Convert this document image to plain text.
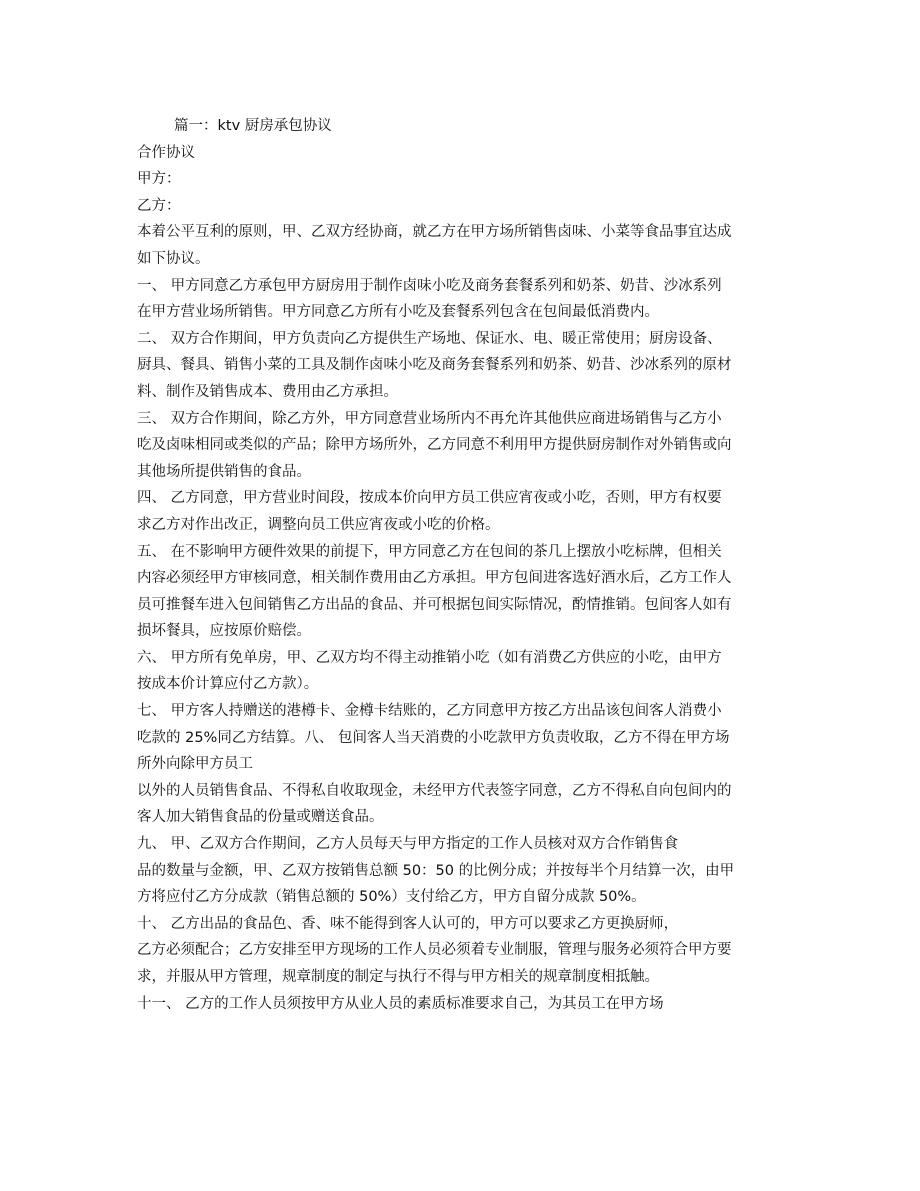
篇一：ktv 厨房承包协议
合作协议
甲方：
乙方：
本着公平互利的原则，甲、乙双方经协商，就乙方在甲方场所销售卤味、小菜等食品事宜达成
如下协议。
一、 甲方同意乙方承包甲方厨房用于制作卤味小吃及商务套餐系列和奶茶、奶昔、沙冰系列
在甲方营业场所销售。甲方同意乙方所有小吃及套餐系列包含在包间最低消费内。
二、 双方合作期间，甲方负责向乙方提供生产场地、保证水、电、暖正常使用；厨房设备、
厨具、餐具、销售小菜的工具及制作卤味小吃及商务套餐系列和奶茶、奶昔、沙冰系列的原材
料、制作及销售成本、费用由乙方承担。
三、 双方合作期间，除乙方外，甲方同意营业场所内不再允许其他供应商进场销售与乙方小
吃及卤味相同或类似的产品；除甲方场所外，乙方同意不利用甲方提供厨房制作对外销售或向
其他场所提供销售的食品。
四、 乙方同意，甲方营业时间段，按成本价向甲方员工供应宵夜或小吃，否则，甲方有权要
求乙方对作出改正，调整向员工供应宵夜或小吃的价格。
五、 在不影响甲方硬件效果的前提下，甲方同意乙方在包间的茶几上摆放小吃标牌，但相关
内容必须经甲方审核同意，相关制作费用由乙方承担。甲方包间进客选好酒水后，乙方工作人
员可推餐车进入包间销售乙方出品的食品、并可根据包间实际情况，酌情推销。包间客人如有
损坏餐具，应按原价赔偿。
六、 甲方所有免单房，甲、乙双方均不得主动推销小吃（如有消费乙方供应的小吃，由甲方
按成本价计算应付乙方款）。
七、 甲方客人持赠送的港樽卡、金樽卡结账的，乙方同意甲方按乙方出品该包间客人消费小
吃款的 25%同乙方结算。八、 包间客人当天消费的小吃款甲方负责收取，乙方不得在甲方场
所外向除甲方员工
以外的人员销售食品、不得私自收取现金，未经甲方代表签字同意，乙方不得私自向包间内的
客人加大销售食品的份量或赠送食品。
九、 甲、乙双方合作期间，乙方人员每天与甲方指定的工作人员核对双方合作销售食
品的数量与金额，甲、乙双方按销售总额 50：50 的比例分成；并按每半个月结算一次，由甲
方将应付乙方分成款（销售总额的 50%）支付给乙方，甲方自留分成款 50%。
十、 乙方出品的食品色、香、味不能得到客人认可的，甲方可以要求乙方更换厨师，
乙方必须配合；乙方安排至甲方现场的工作人员必须着专业制服，管理与服务必须符合甲方要
求，并服从甲方管理，规章制度的制定与执行不得与甲方相关的规章制度相抵触。
十一、 乙方的工作人员须按甲方从业人员的素质标准要求自己，为其员工在甲方场
